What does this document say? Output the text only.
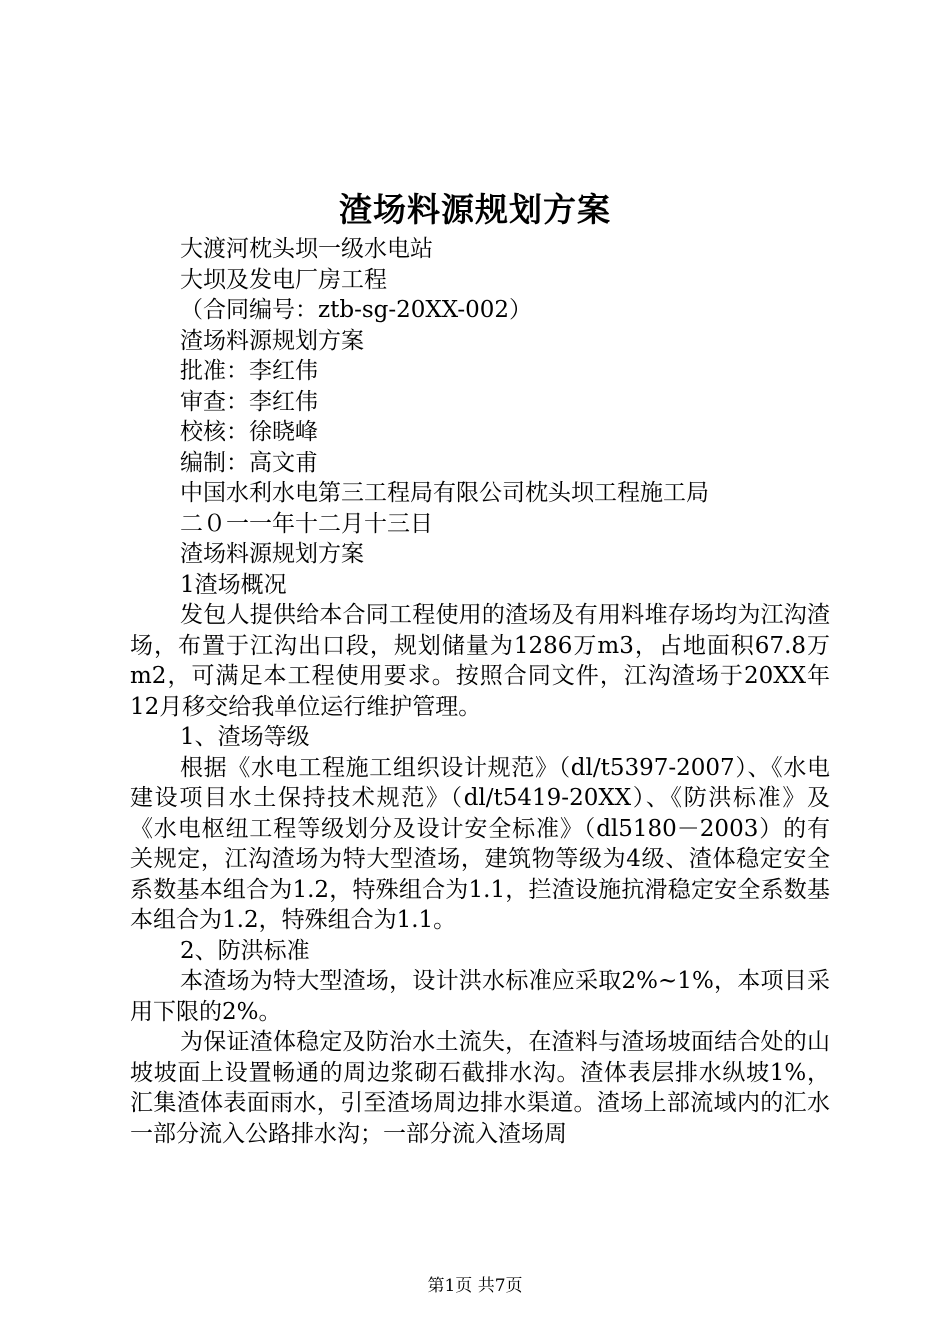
渣场料源规划方案
大渡河枕头坝一级水电站
大坝及发电厂房工程
（合同编号：ztb-sg-20XX-002）
渣场料源规划方案
批准：李红伟
审查：李红伟
校核：徐晓峰
编制：高文甫
中国水利水电第三工程局有限公司枕头坝工程施工局
二０一一年十二月十三日
渣场料源规划方案
1渣场概况
发包人提供给本合同工程使用的渣场及有用料堆存场均为江沟渣场，布置于江沟出口段，规划储量为1286万m3，占地面积67.8万m2，可满足本工程使用要求。按照合同文件，江沟渣场于20XX年12月移交给我单位运行维护管理。
1、渣场等级
根据《水电工程施工组织设计规范》（dl/t5397-2007）、《水电建设项目水土保持技术规范》（dl/t5419-20XX）、《防洪标准》及《水电枢纽工程等级划分及设计安全标准》（dl5180－2003）的有关规定，江沟渣场为特大型渣场，建筑物等级为4级、渣体稳定安全系数基本组合为1.2，特殊组合为1.1，拦渣设施抗滑稳定安全系数基本组合为1.2，特殊组合为1.1。
2、防洪标准
本渣场为特大型渣场，设计洪水标准应采取2%~1%，本项目采用下限的2%。
为保证渣体稳定及防治水土流失，在渣料与渣场坡面结合处的山坡坡面上设置畅通的周边浆砌石截排水沟。渣体表层排水纵坡1%，汇集渣体表面雨水，引至渣场周边排水渠道。渣场上部流域内的汇水一部分流入公路排水沟；一部分流入渣场周
第1页 共7页
